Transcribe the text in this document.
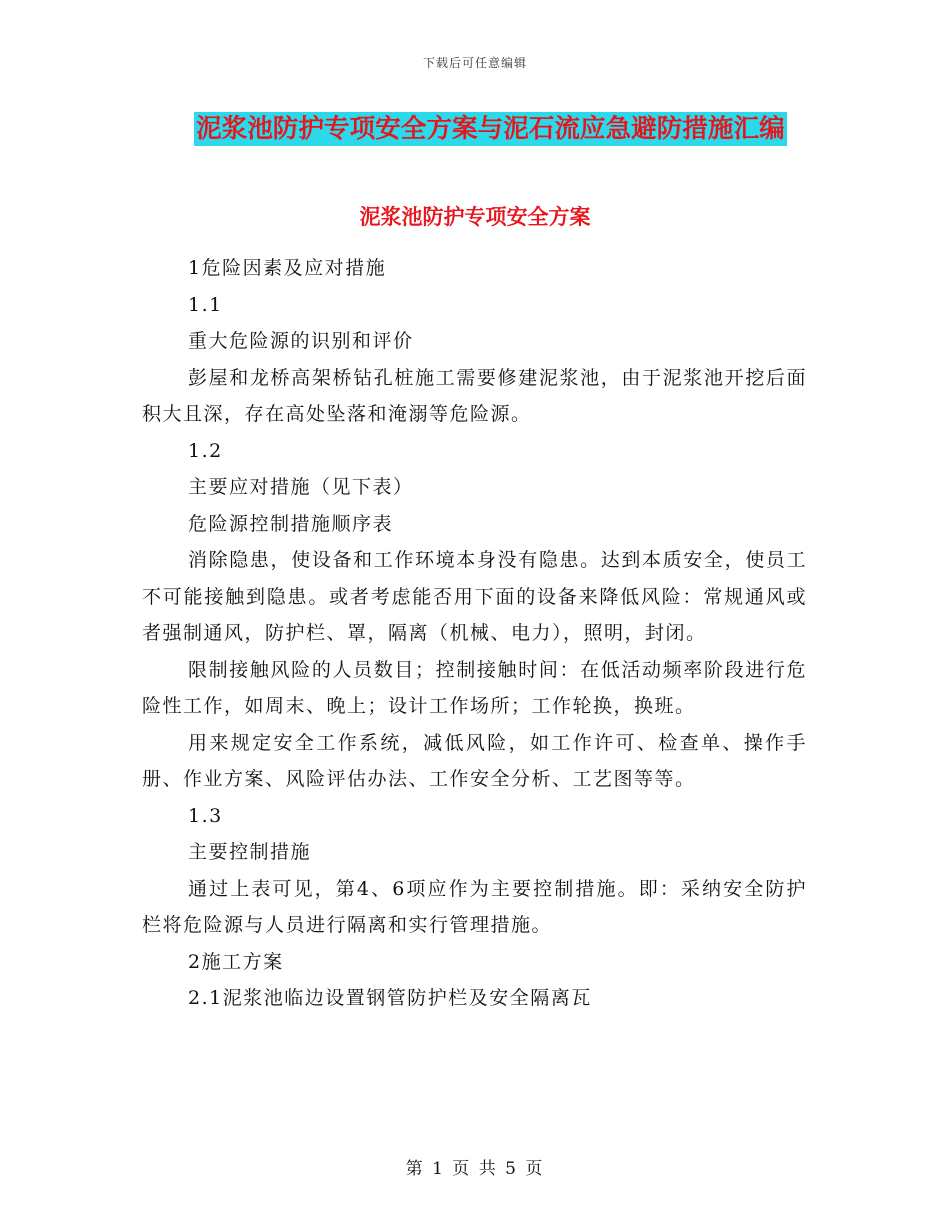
下载后可任意编辑
泥浆池防护专项安全方案与泥石流应急避防措施汇编
泥浆池防护专项安全方案

1危险因素及应对措施

1.1

重大危险源的识别和评价

彭屋和龙桥高架桥钻孔桩施工需要修建泥浆池，由于泥浆池开挖后面积大且深，存在高处坠落和淹溺等危险源。

1.2

主要应对措施（见下表）

危险源控制措施顺序表

消除隐患，使设备和工作环境本身没有隐患。达到本质安全，使员工不可能接触到隐患。或者考虑能否用下面的设备来降低风险：常规通风或者强制通风，防护栏、罩，隔离（机械、电力），照明，封闭。

限制接触风险的人员数目；控制接触时间：在低活动频率阶段进行危险性工作，如周末、晚上；设计工作场所；工作轮换，换班。

用来规定安全工作系统，减低风险，如工作许可、检查单、操作手册、作业方案、风险评估办法、工作安全分析、工艺图等等。

1.3

主要控制措施

通过上表可见，第4、6项应作为主要控制措施。即：采纳安全防护栏将危险源与人员进行隔离和实行管理措施。

2施工方案

2.1泥浆池临边设置钢管防护栏及安全隔离瓦

第 1 页 共 5 页
